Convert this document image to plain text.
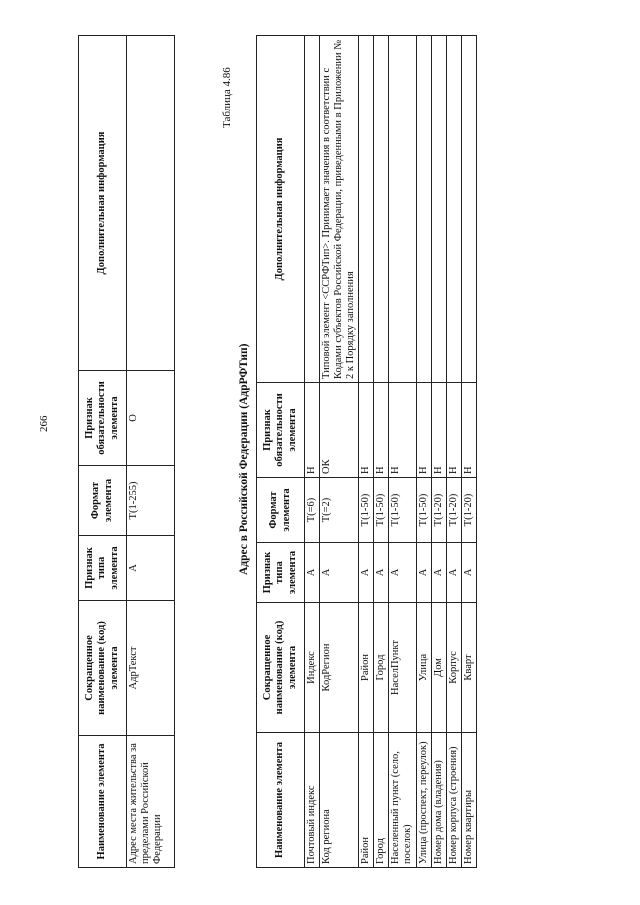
266
Наименование элемента	Сокращенное наименование (код) элемента	Признак типа элемента	Формат элемента	Признак обязательности элемента	Дополнительная информация
Адрес места жительства за пределами Российской Федерации	АдрТекст	А	T(1-255)	О	
Таблица 4.86
Адрес в Российской Федерации (АдрРФТип)
Наименование элемента	Сокращенное наименование (код) элемента	Признак типа элемента	Формат элемента	Признак обязательности элемента	Дополнительная информация
Почтовый индекс	Индекс	А	T(=6)	Н	
Код региона	КодРегион	А	T(=2)	ОК	Типовой элемент <ССРФТип>. Принимает значения в соответствии с Кодами субъектов Российской Федерации, приведенными в Приложении № 2 к Порядку заполнения
Район	Район	А	T(1-50)	Н	
Город	Город	А	T(1-50)	Н	
Населенный пункт (село, поселок)	НаселПункт	А	T(1-50)	Н	
Улица (проспект, переулок)	Улица	А	T(1-50)	Н	
Номер дома (владения)	Дом	А	T(1-20)	Н	
Номер корпуса (строения)	Корпус	А	T(1-20)	Н	
Номер квартиры	Кварт	А	T(1-20)	Н	
